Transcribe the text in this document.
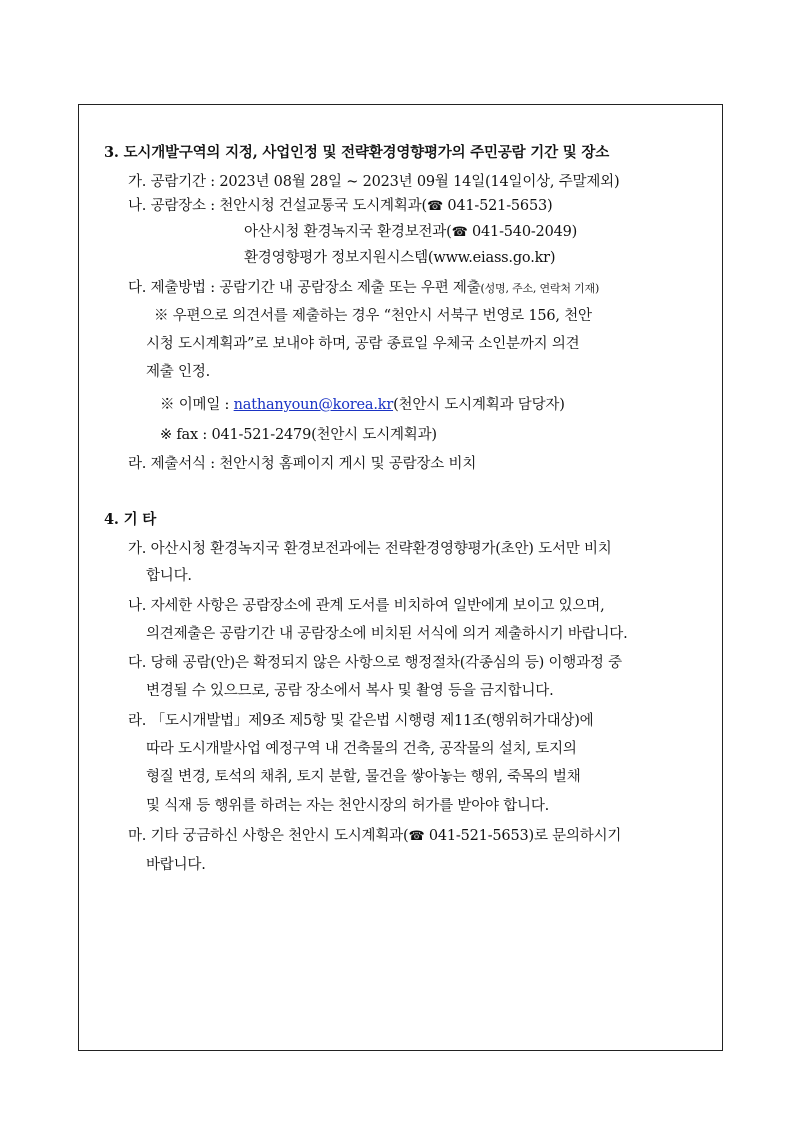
3. 도시개발구역의 지정, 사업인정 및 전략환경영향평가의 주민공람 기간 및 장소
가. 공람기간 : 2023년 08월 28일 ~ 2023년 09월 14일(14일이상, 주말제외)
나. 공람장소 : 천안시청 건설교통국 도시계획과(☎ 041-521-5653)
아산시청 환경녹지국 환경보전과(☎ 041-540-2049)
환경영향평가 정보지원시스템(www.eiass.go.kr)
다. 제출방법 : 공람기간 내 공람장소 제출 또는 우편 제출(성명, 주소, 연락처 기재)
※ 우편으로 의견서를 제출하는 경우 “천안시 서북구 번영로 156, 천안
시청 도시계획과”로 보내야 하며, 공람 종료일 우체국 소인분까지 의견
제출 인정.
※ 이메일 : nathanyoun@korea.kr(천안시 도시계획과 담당자)
※ fax : 041-521-2479(천안시 도시계획과)
라. 제출서식 : 천안시청 홈페이지 게시 및 공람장소 비치
4. 기 타
가. 아산시청 환경녹지국 환경보전과에는 전략환경영향평가(초안) 도서만 비치
합니다.
나. 자세한 사항은 공람장소에 관계 도서를 비치하여 일반에게 보이고 있으며,
의견제출은 공람기간 내 공람장소에 비치된 서식에 의거 제출하시기 바랍니다.
다. 당해 공람(안)은 확정되지 않은 사항으로 행정절차(각종심의 등) 이행과정 중
변경될 수 있으므로, 공람 장소에서 복사 및 촬영 등을 금지합니다.
라. 「도시개발법」제9조 제5항 및 같은법 시행령 제11조(행위허가대상)에
따라 도시개발사업 예정구역 내 건축물의 건축, 공작물의 설치, 토지의
형질 변경, 토석의 채취, 토지 분할, 물건을 쌓아놓는 행위, 죽목의 벌채
및 식재 등 행위를 하려는 자는 천안시장의 허가를 받아야 합니다.
마. 기타 궁금하신 사항은 천안시 도시계획과(☎ 041-521-5653)로 문의하시기
바랍니다.
